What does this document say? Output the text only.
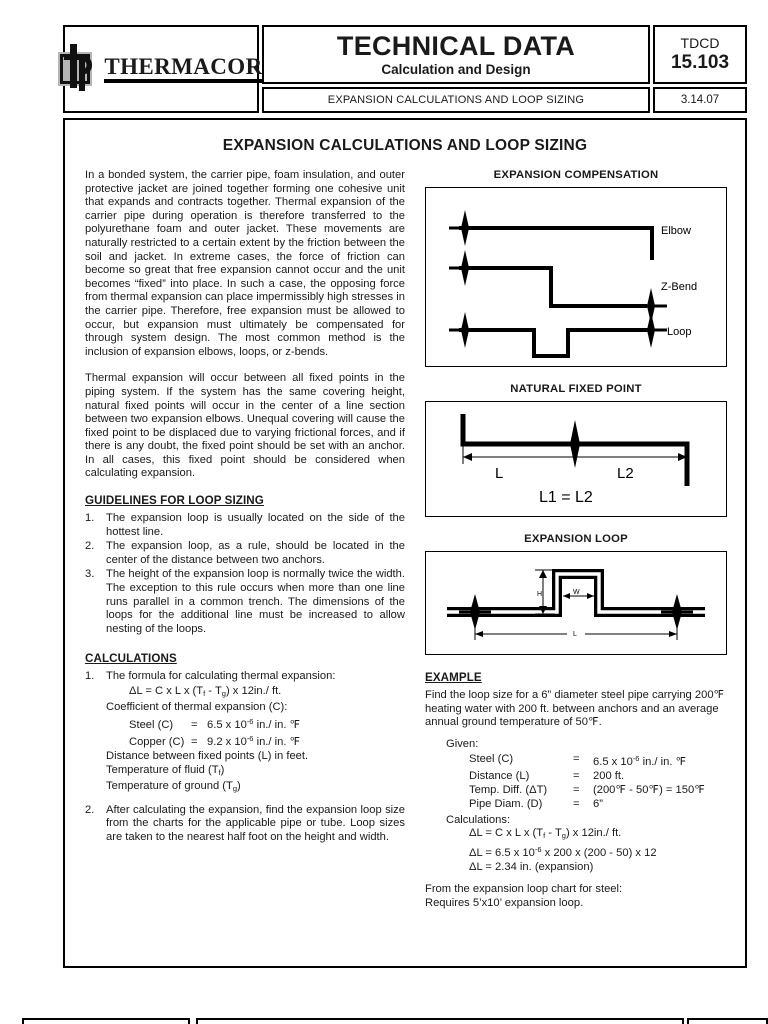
THERMACOR
TECHNICAL DATA
Calculation and Design
EXPANSION CALCULATIONS AND LOOP SIZING
TDCD
15.103
3.14.07
EXPANSION CALCULATIONS AND LOOP SIZING

In a bonded system, the carrier pipe, foam insulation, and outer protective jacket are joined together forming one cohesive unit that expands and contracts together. Thermal expansion of the carrier pipe during operation is therefore transferred to the polyurethane foam and outer jacket. These movements are naturally restricted to a certain extent by the friction between the soil and jacket. In extreme cases, the force of friction can become so great that free expansion cannot occur and the unit becomes “fixed” into place. In such a case, the opposing force from thermal expansion can place impermissibly high stresses in the carrier pipe. Therefore, free expansion must be allowed to occur, but expansion must ultimately be compensated for through system design. The most common method is the inclusion of expansion elbows, loops, or z-bends.

Thermal expansion will occur between all fixed points in the piping system. If the system has the same covering height, natural fixed points will occur in the center of a line section between two expansion elbows. Unequal covering will cause the fixed point to be displaced due to varying frictional forces, and if there is any doubt, the fixed point should be set with an anchor. In all cases, this fixed point should be considered when calculating expansion.

GUIDELINES FOR LOOP SIZING
1.	The expansion loop is usually located on the side of the hottest line.
2.	The expansion loop, as a rule, should be located in the center of the distance between two anchors.
3.	The height of the expansion loop is normally twice the width. The exception to this rule occurs when more than one line runs parallel in a common trench. The dimensions of the loops for the additional line must be increased to allow nesting of the loops.
CALCULATIONS
1.	The formula for calculating thermal expansion:
ΔL = C x L x $(T_f - T_g)$ x 12in./ ft.
Coefficient of thermal expansion (C):
Steel (C) = 6.5 x $10^{-6}$ in./ in. ℉
Copper (C) = 9.2 x $10^{-6}$ in./ in. ℉
Distance between fixed points (L) in feet.
Temperature of fluid $(T_f)$
Temperature of ground $(T_g)$
2.	After calculating the expansion, find the expansion loop size from the charts for the applicable pipe or tube. Loop sizes are taken to the nearest half foot on the height and width.
EXPANSION COMPENSATION
Elbow
Z-Bend
Loop
NATURAL FIXED POINT
L	L2
L1 = L2
EXPANSION LOOP
H	W
L
EXAMPLE

Find the loop size for a 6” diameter steel pipe carrying 200℉ heating water with 200 ft. between anchors and an average annual ground temperature of 50℉.

Given:
Steel (C)	=	6.5 x $10^{-6}$ in./ in. ℉
Distance (L)	=	200 ft.
Temp. Diff. (ΔT)	=	(200℉ - 50℉) = 150℉
Pipe Diam. (D)	=	6”
Calculations:
ΔL = C x L x $(T_f - T_g)$ x 12in./ ft.
ΔL = 6.5 x $10^{-6}$ x 200 x (200 - 50) x 12
ΔL = 2.34 in. (expansion)
From the expansion loop chart for steel:
Requires 5’x10’ expansion loop.
